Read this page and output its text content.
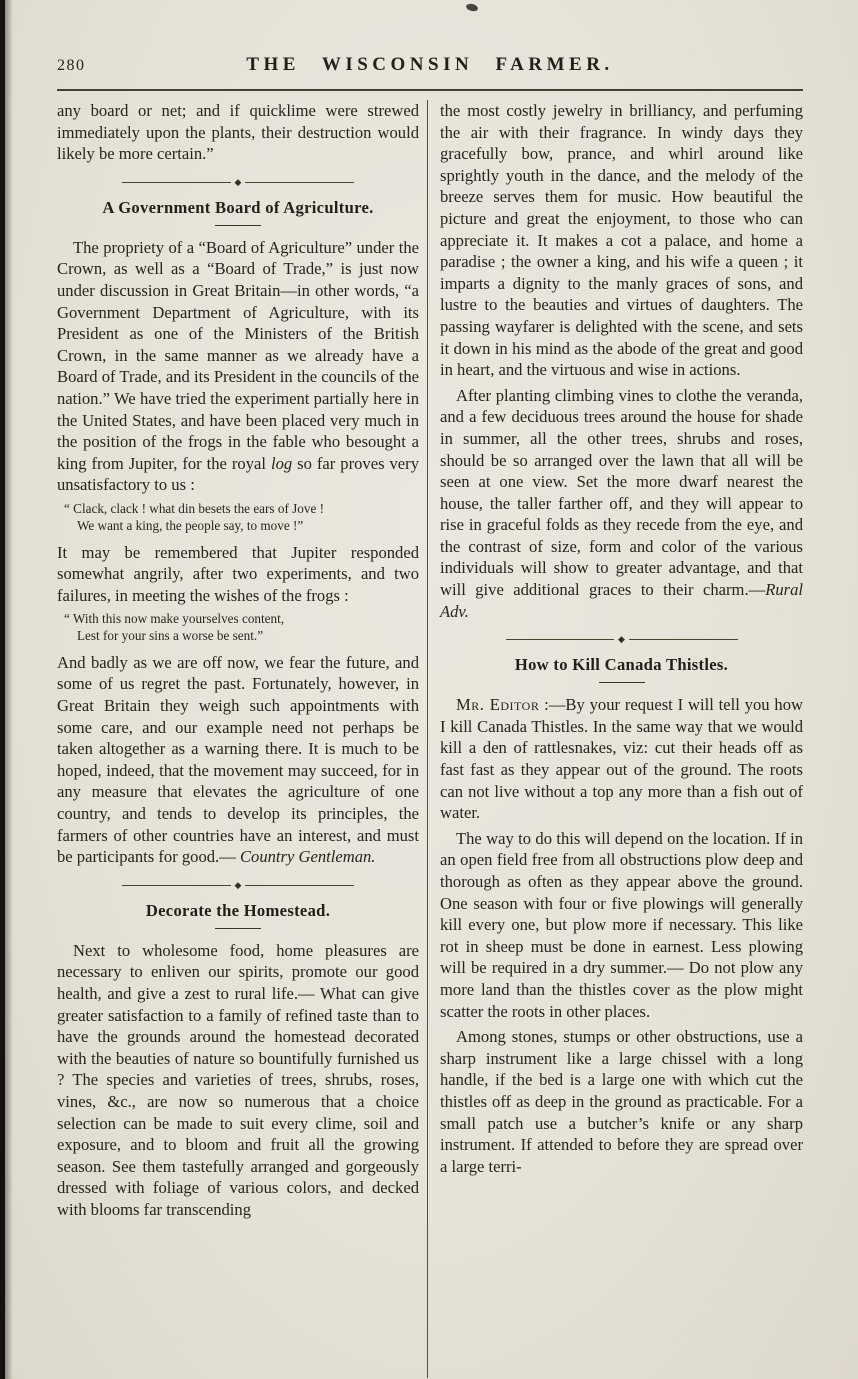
280	THE WISCONSIN FARMER.

any board or net; and if quicklime were strewed immediately upon the plants, their destruction would likely be more certain.”

◆
A Government Board of Agriculture.

The propriety of a “Board of Agriculture” under the Crown, as well as a “Board of Trade,” is just now under discussion in Great Britain—in other words, “a Government Department of Agriculture, with its President as one of the Ministers of the British Crown, in the same manner as we already have a Board of Trade, and its President in the councils of the nation.” We have tried the experiment partially here in the United States, and have been placed very much in the position of the frogs in the fable who besought a king from Jupiter, for the royal log so far proves very unsatisfactory to us :

“ Clack, clack ! what din besets the ears of Jove !
We want a king, the people say, to move !”

It may be remembered that Jupiter responded somewhat angrily, after two experiments, and two failures, in meeting the wishes of the frogs :

“ With this now make yourselves content,
Lest for your sins a worse be sent.”

And badly as we are off now, we fear the future, and some of us regret the past. Fortunately, however, in Great Britain they weigh such appointments with some care, and our example need not perhaps be taken altogether as a warning there. It is much to be hoped, indeed, that the movement may succeed, for in any measure that elevates the agriculture of one country, and tends to develop its principles, the farmers of other countries have an interest, and must be participants for good.— Country Gentleman.

◆
Decorate the Homestead.

Next to wholesome food, home pleasures are necessary to enliven our spirits, promote our good health, and give a zest to rural life.— What can give greater satisfaction to a family of refined taste than to have the grounds around the homestead decorated with the beauties of nature so bountifully furnished us ? The species and varieties of trees, shrubs, roses, vines, &c., are now so numerous that a choice selection can be made to suit every clime, soil and exposure, and to bloom and fruit all the growing season. See them tastefully arranged and gorgeously dressed with foliage of various colors, and decked with blooms far transcending

the most costly jewelry in brilliancy, and perfuming the air with their fragrance. In windy days they gracefully bow, prance, and whirl around like sprightly youth in the dance, and the melody of the breeze serves them for music. How beautiful the picture and great the enjoyment, to those who can appreciate it. It makes a cot a palace, and home a paradise ; the owner a king, and his wife a queen ; it imparts a dignity to the manly graces of sons, and lustre to the beauties and virtues of daughters. The passing wayfarer is delighted with the scene, and sets it down in his mind as the abode of the great and good in heart, and the virtuous and wise in actions.

After planting climbing vines to clothe the veranda, and a few deciduous trees around the house for shade in summer, all the other trees, shrubs and roses, should be so arranged over the lawn that all will be seen at one view. Set the more dwarf nearest the house, the taller farther off, and they will appear to rise in graceful folds as they recede from the eye, and the contrast of size, form and color of the various individuals will show to greater advantage, and that will give additional graces to their charm.—Rural Adv.

◆
How to Kill Canada Thistles.

Mr. Editor :—By your request I will tell you how I kill Canada Thistles. In the same way that we would kill a den of rattlesnakes, viz: cut their heads off as fast fast as they appear out of the ground. The roots can not live without a top any more than a fish out of water.

The way to do this will depend on the location. If in an open field free from all obstructions plow deep and thorough as often as they appear above the ground. One season with four or five plowings will generally kill every one, but plow more if necessary. This like rot in sheep must be done in earnest. Less plowing will be required in a dry summer.— Do not plow any more land than the thistles cover as the plow might scatter the roots in other places.

Among stones, stumps or other obstructions, use a sharp instrument like a large chissel with a long handle, if the bed is a large one with which cut the thistles off as deep in the ground as practicable. For a small patch use a butcher’s knife or any sharp instrument. If attended to before they are spread over a large terri-
